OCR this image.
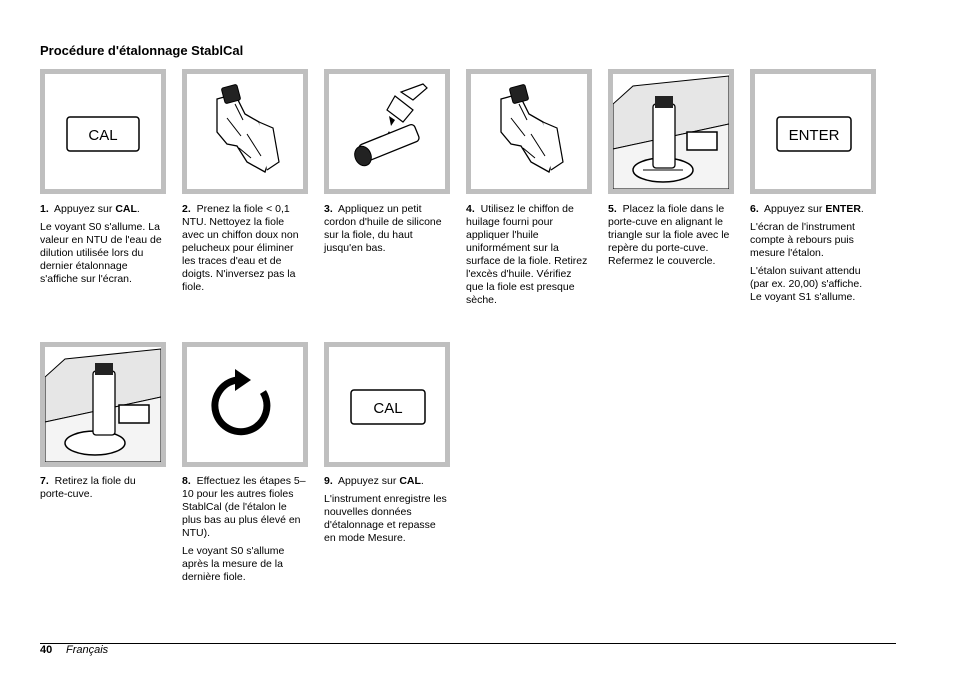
Procédure d'étalonnage StablCal
CAL	ENTER
CAL

1. Appuyez sur CAL.

Le voyant S0 s'allume. La valeur en NTU de l'eau de dilution utilisée lors du dernier étalonnage s'affiche sur l'écran.

2. Prenez la fiole < 0,1 NTU. Nettoyez la fiole avec un chiffon doux non pelucheux pour éliminer les traces d'eau et de doigts. N'inversez pas la fiole.

3. Appliquez un petit cordon d'huile de silicone sur la fiole, du haut jusqu'en bas.

4. Utilisez le chiffon de huilage fourni pour appliquer l'huile uniformément sur la surface de la fiole. Retirez l'excès d'huile. Vérifiez que la fiole est presque sèche.

5. Placez la fiole dans le porte-cuve en alignant le triangle sur la fiole avec le repère du porte-cuve. Refermez le couvercle.

6. Appuyez sur ENTER.

L'écran de l'instrument compte à rebours puis mesure l'étalon.

L'étalon suivant attendu (par ex. 20,00) s'affiche. Le voyant S1 s'allume.

7. Retirez la fiole du porte-cuve.

8. Effectuez les étapes 5–10 pour les autres fioles StablCal (de l'étalon le plus bas au plus élevé en NTU).

Le voyant S0 s'allume après la mesure de la dernière fiole.

9. Appuyez sur CAL.

L'instrument enregistre les nouvelles données d'étalonnage et repasse en mode Mesure.

40 Français
